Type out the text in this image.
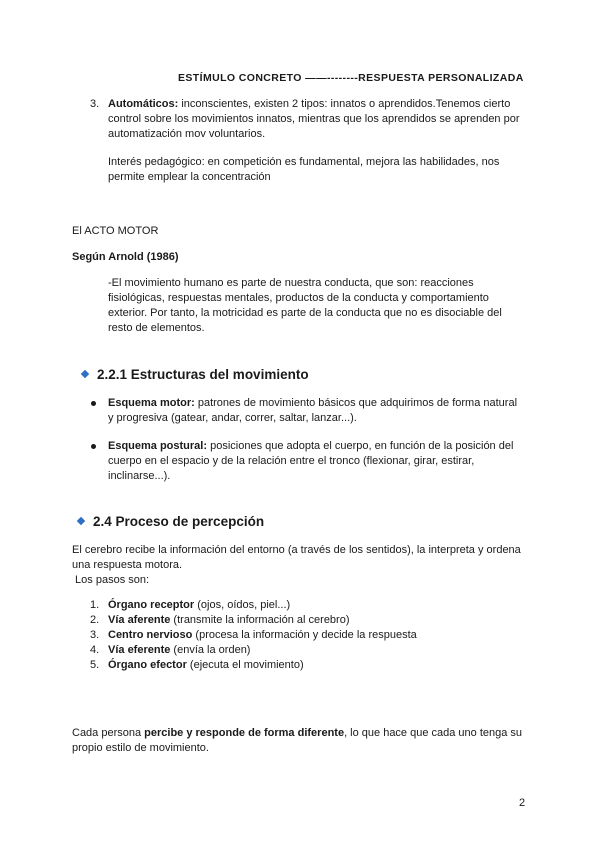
ESTÍMULO CONCRETO ——--------RESPUESTA PERSONALIZADA
3. Automáticos: inconscientes, existen 2 tipos: innatos o aprendidos.Tenemos cierto
control sobre los movimientos innatos, mientras que los aprendidos se aprenden por
automatización mov voluntarios.
Interés pedagógico: en competición es fundamental, mejora las habilidades, nos
permite emplear la concentración
El ACTO MOTOR
Según Arnold (1986)
-El movimiento humano es parte de nuestra conducta, que son: reacciones
fisiológicas, respuestas mentales, productos de la conducta y comportamiento
exterior. Por tanto, la motricidad es parte de la conducta que no es disociable del
resto de elementos.
2.2.1 Estructuras del movimiento
Esquema motor: patrones de movimiento básicos que adquirimos de forma natural
y progresiva (gatear, andar, correr, saltar, lanzar...).
Esquema postural: posiciones que adopta el cuerpo, en función de la posición del
cuerpo en el espacio y de la relación entre el tronco (flexionar, girar, estirar,
inclinarse...).
2.4 Proceso de percepción
El cerebro recibe la información del entorno (a través de los sentidos), la interpreta y ordena
una respuesta motora.
Los pasos son:
1. Órgano receptor (ojos, oídos, piel...)
2. Vía aferente (transmite la información al cerebro)
3. Centro nervioso (procesa la información y decide la respuesta
4. Vía eferente (envía la orden)
5. Órgano efector (ejecuta el movimiento)
Cada persona percibe y responde de forma diferente, lo que hace que cada uno tenga su
propio estilo de movimiento.
2
